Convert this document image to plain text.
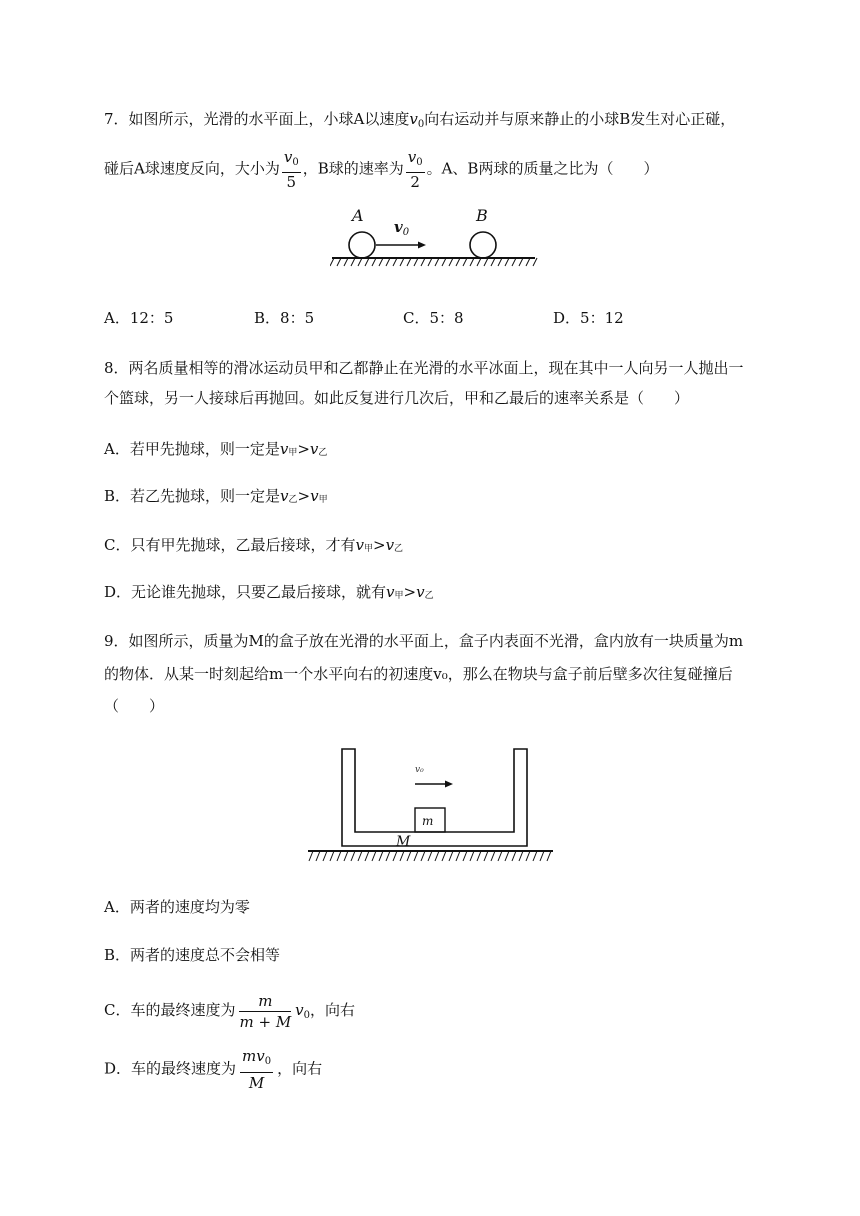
7．如图所示，光滑的水平面上，小球A以速度$v_0$向右运动并与原来静止的小球B发生对心正碰，
碰后A球速度反向，大小为 $\frac{v_0}{5}$ ，B球的速率为 $\frac{v_0}{2}$ 。A、B两球的质量之比为（　　）
A	B
$v_0$
A．12：5	B．8：5	C．5：8	D．5：12
8．两名质量相等的滑冰运动员甲和乙都静止在光滑的水平冰面上，现在其中一人向另一人抛出一
个篮球，另一人接球后再抛回。如此反复进行几次后，甲和乙最后的速率关系是（　　）
A．若甲先抛球，则一定是v甲>v乙
B．若乙先抛球，则一定是v乙>v甲
C．只有甲先抛球，乙最后接球，才有v甲>v乙
D．无论谁先抛球，只要乙最后接球，就有v甲>v乙
9．如图所示，质量为M的盒子放在光滑的水平面上，盒子内表面不光滑，盒内放有一块质量为m
的物体．从某一时刻起给m一个水平向右的初速度v₀，那么在物块与盒子前后壁多次往复碰撞后
（　　）
m
M
v₀
A．两者的速度均为零
B．两者的速度总不会相等
C．车的最终速度为 $\frac{m}{m + M} v_0$，向右
D．车的最终速度为 $\frac{mv_0}{M}$ ，向右
